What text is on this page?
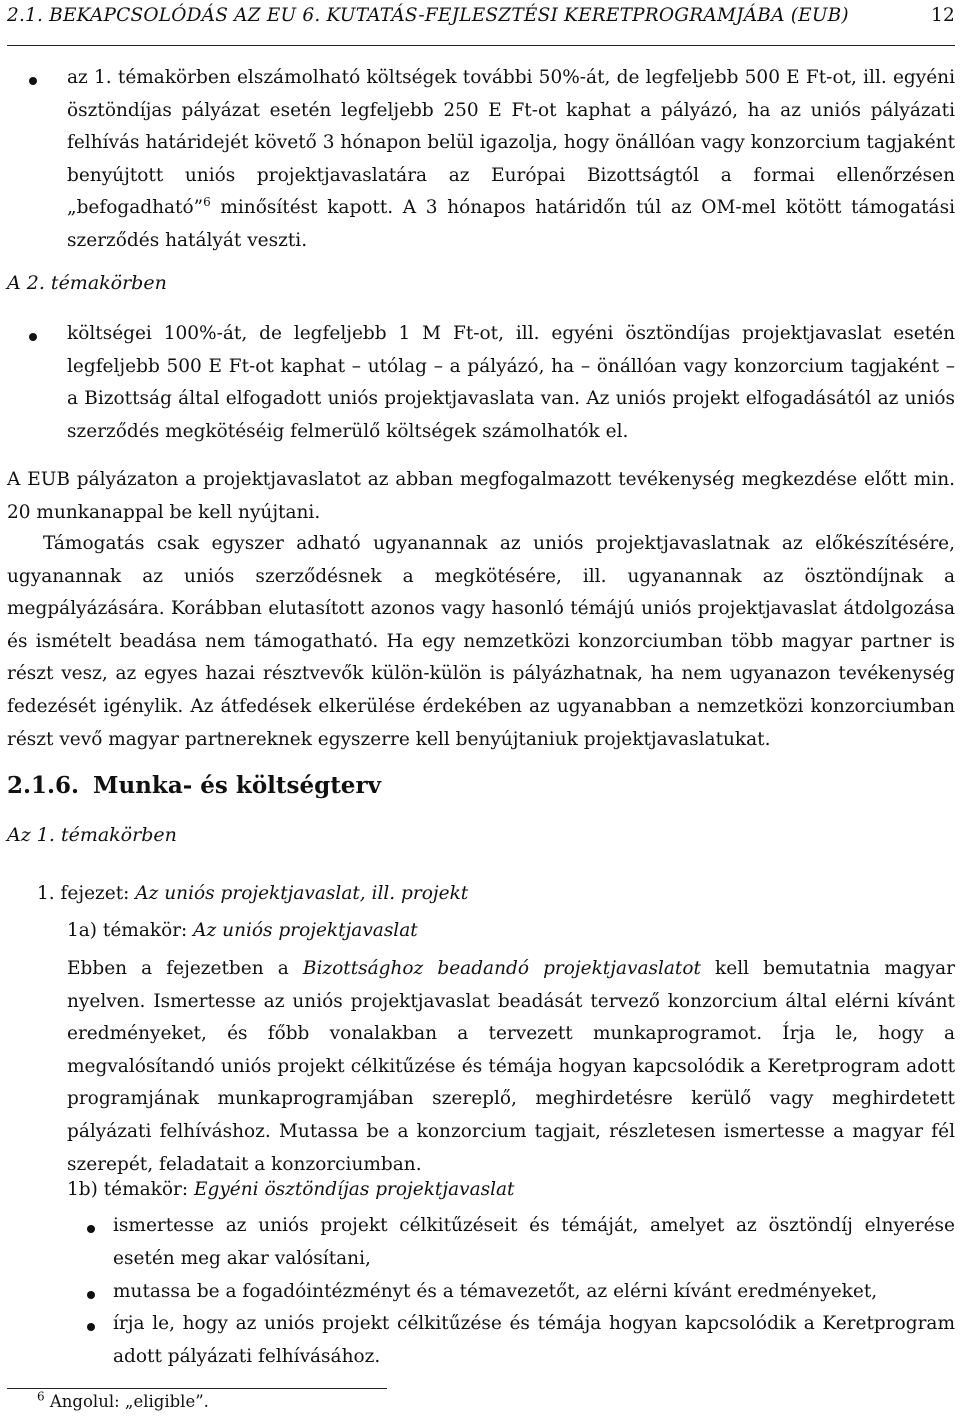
2.1. BEKAPCSOLÓDÁS AZ EU 6. KUTATÁS-FEJLESZTÉSI KERETPROGRAMJÁBA (EUB)	12

az 1. témakörben elszámolható költségek további 50%-át, de legfeljebb 500 E Ft-ot, ill. egyéni ösztöndíjas pályázat esetén legfeljebb 250 E Ft-ot kaphat a pályázó, ha az uniós pályázati felhívás határidejét követő 3 hónapon belül igazolja, hogy önállóan vagy konzorcium tagjaként benyújtott uniós projektjavaslatára az Európai Bizottságtól a formai ellenőrzésen „befogadható”$^6$ minősítést kapott. A 3 hónapos határidőn túl az OM-mel kötött támogatási szerződés hatályát veszti.

A 2. témakörben

költségei 100%-át, de legfeljebb 1 M Ft-ot, ill. egyéni ösztöndíjas projektjavaslat esetén legfeljebb 500 E Ft-ot kaphat – utólag – a pályázó, ha – önállóan vagy konzorcium tagjaként – a Bizottság által elfogadott uniós projektjavaslata van. Az uniós projekt elfogadásától az uniós szerződés megkötéséig felmerülő költségek számolhatók el.

A EUB pályázaton a projektjavaslatot az abban megfogalmazott tevékenység megkezdése előtt min. 20 munkanappal be kell nyújtani.

Támogatás csak egyszer adható ugyanannak az uniós projektjavaslatnak az előkészítésére, ugyanannak az uniós szerződésnek a megkötésére, ill. ugyanannak az ösztöndíjnak a megpályázására. Korábban elutasított azonos vagy hasonló témájú uniós projektjavaslat átdolgozása és ismételt beadása nem támogatható. Ha egy nemzetközi konzorciumban több magyar partner is részt vesz, az egyes hazai résztvevők külön-külön is pályázhatnak, ha nem ugyanazon tevékenység fedezését igénylik. Az átfedések elkerülése érdekében az ugyanabban a nemzetközi konzorciumban részt vevő magyar partnereknek egyszerre kell benyújtaniuk projektjavaslatukat.

2.1.6. Munka- és költségterv
Az 1. témakörben

1. fejezet: Az uniós projektjavaslat, ill. projekt

1a) témakör: Az uniós projektjavaslat

Ebben a fejezetben a Bizottsághoz beadandó projektjavaslatot kell bemutatnia magyar nyelven. Ismertesse az uniós projektjavaslat beadását tervező konzorcium által elérni kívánt eredményeket, és főbb vonalakban a tervezett munkaprogramot. Írja le, hogy a megvalósítandó uniós projekt célkitűzése és témája hogyan kapcsolódik a Keretprogram adott programjának munkaprogramjában szereplő, meghirdetésre kerülő vagy meghirdetett pályázati felhíváshoz. Mutassa be a konzorcium tagjait, részletesen ismertesse a magyar fél szerepét, feladatait a konzorciumban.

1b) témakör: Egyéni ösztöndíjas projektjavaslat

ismertesse az uniós projekt célkitűzéseit és témáját, amelyet az ösztöndíj elnyerése esetén meg akar valósítani,

mutassa be a fogadóintézményt és a témavezetőt, az elérni kívánt eredményeket,

írja le, hogy az uniós projekt célkitűzése és témája hogyan kapcsolódik a Keretprogram adott pályázati felhívásához.

$^6$ Angolul: „eligible”.
